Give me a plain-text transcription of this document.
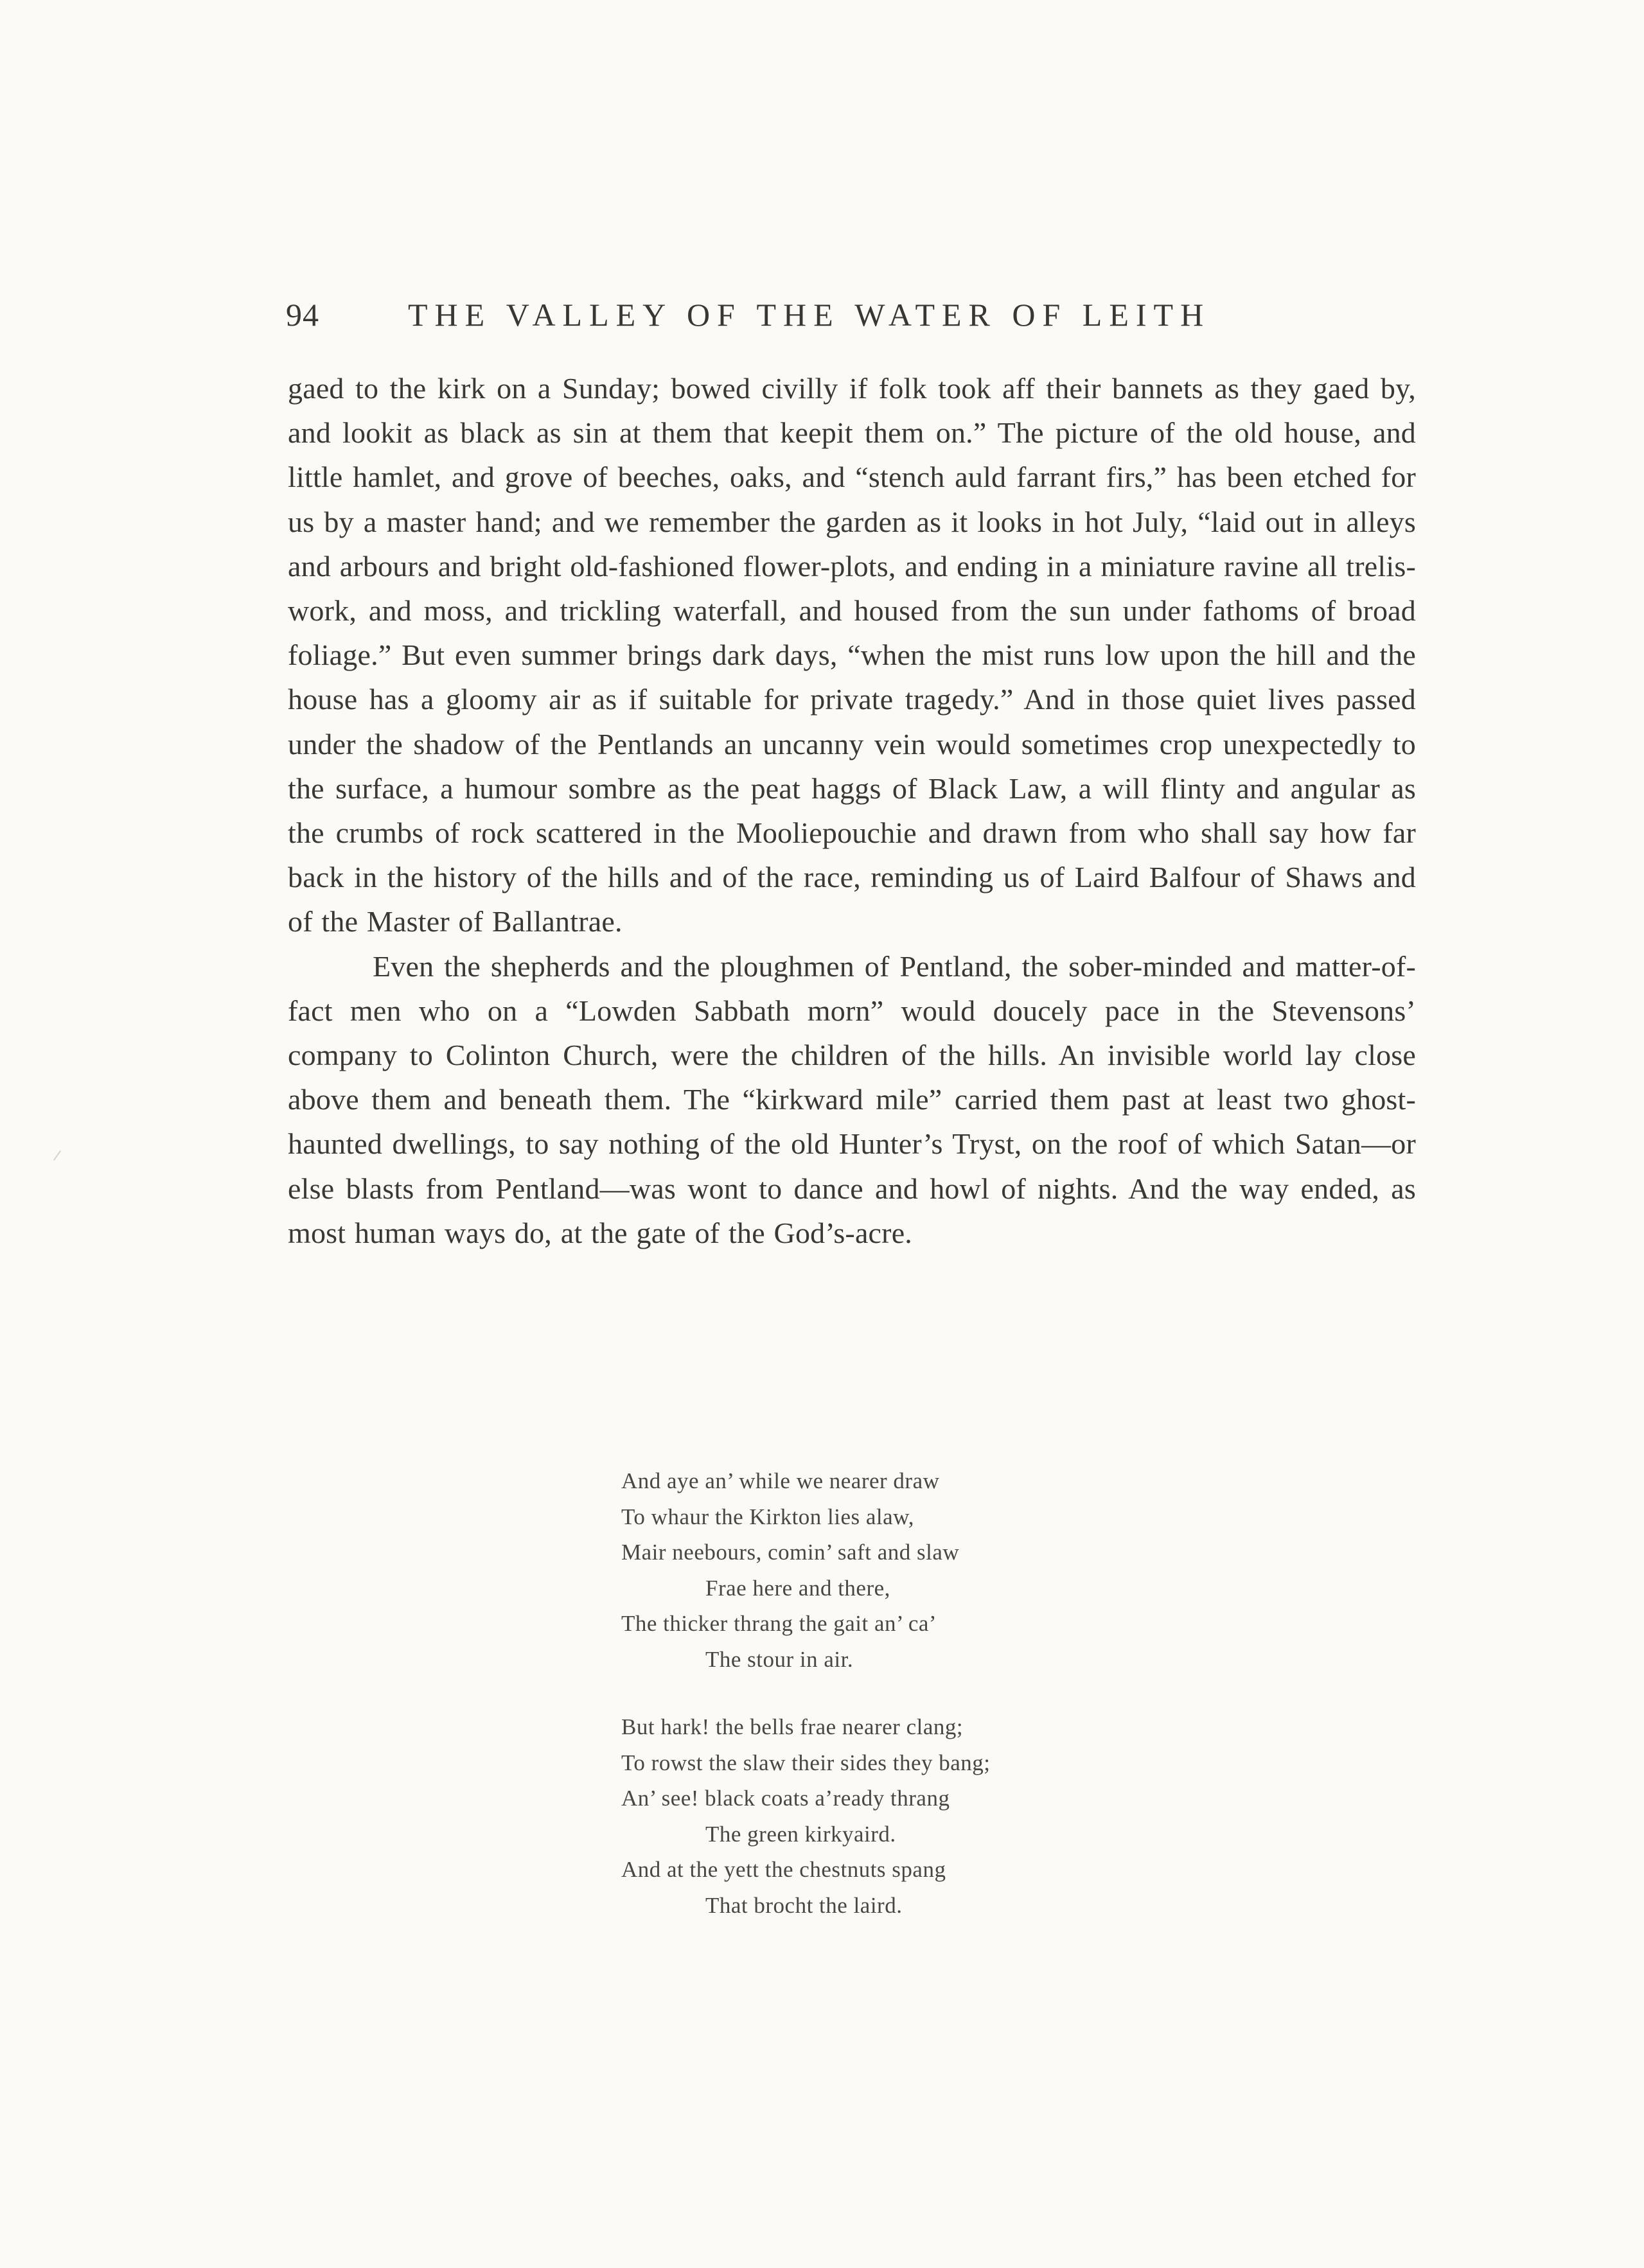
94	THE VALLEY OF THE WATER OF LEITH

gaed to the kirk on a Sunday; bowed civilly if folk took aff their bannets as they gaed by, and lookit as black as sin at them that keepit them on.” The picture of the old house, and little hamlet, and grove of beeches, oaks, and “stench auld farrant firs,” has been etched for us by a master hand; and we remember the garden as it looks in hot July, “laid out in alleys and arbours and bright old-fashioned flower-plots, and ending in a miniature ravine all trelis-work, and moss, and trickling waterfall, and housed from the sun under fathoms of broad foliage.” But even summer brings dark days, “when the mist runs low upon the hill and the house has a gloomy air as if suitable for private tragedy.” And in those quiet lives passed under the shadow of the Pentlands an uncanny vein would sometimes crop unexpectedly to the surface, a humour sombre as the peat haggs of Black Law, a will flinty and angular as the crumbs of rock scattered in the Mooliepouchie and drawn from who shall say how far back in the history of the hills and of the race, reminding us of Laird Balfour of Shaws and of the Master of Ballantrae.

Even the shepherds and the ploughmen of Pentland, the sober-minded and matter-of-fact men who on a “Lowden Sabbath morn” would doucely pace in the Stevensons’ company to Colinton Church, were the children of the hills. An invisible world lay close above them and beneath them. The “kirkward mile” carried them past at least two ghost-haunted dwellings, to say nothing of the old Hunter’s Tryst, on the roof of which Satan—or else blasts from Pentland—was wont to dance and howl of nights. And the way ended, as most human ways do, at the gate of the God’s-acre.

And aye an’ while we nearer draw
To whaur the Kirkton lies alaw,
Mair neebours, comin’ saft and slaw
Frae here and there,
The thicker thrang the gait an’ ca’
The stour in air.
But hark! the bells frae nearer clang;
To rowst the slaw their sides they bang;
An’ see! black coats a’ready thrang
The green kirkyaird.
And at the yett the chestnuts spang
That brocht the laird.
